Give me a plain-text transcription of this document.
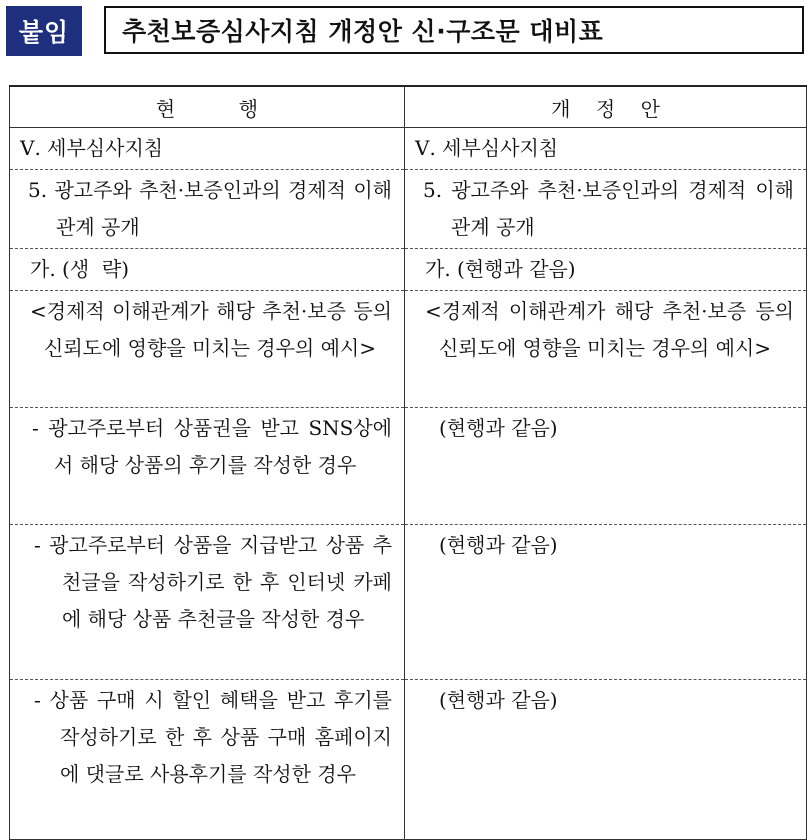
붙임	추천보증심사지침 개정안 신·구조문 대비표
현          행	개    정    안

Ⅴ. 세부심사지침	Ⅴ. 세부심사지침

5. 광고주와 추천·보증인과의 경제적 이해관계 공개	5. 광고주와 추천·보증인과의 경제적 이해관계 공개

가. (생  략)	가. (현행과 같음)

<경제적 이해관계가 해당 추천·보증 등의 신뢰도에 영향을 미치는 경우의 예시>	<경제적 이해관계가 해당 추천·보증 등의 신뢰도에 영향을 미치는 경우의 예시>

- 광고주로부터 상품권을 받고 SNS상에서 해당 상품의 후기를 작성한 경우	(현행과 같음)

- 광고주로부터 상품을 지급받고 상품 추천글을 작성하기로 한 후 인터넷 카페에 해당 상품 추천글을 작성한 경우	(현행과 같음)

- 상품 구매 시 할인 혜택을 받고 후기를 작성하기로 한 후 상품 구매 홈페이지에 댓글로 사용후기를 작성한 경우	(현행과 같음)
